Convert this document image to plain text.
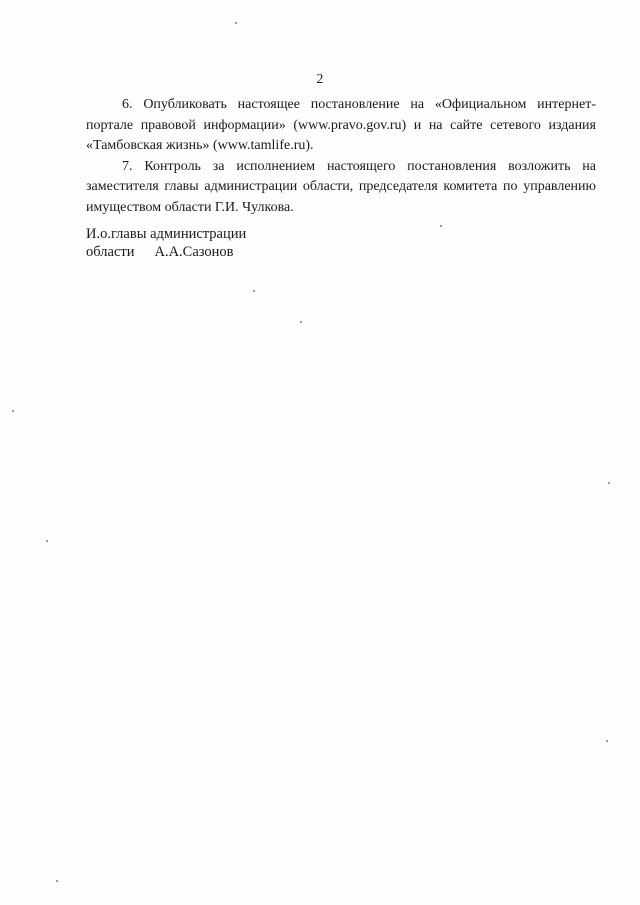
2

6. Опубликовать настоящее постановление на «Официальном интернет-портале правовой информации» (www.pravo.gov.ru) и на сайте сетевого издания «Тамбовская жизнь» (www.tamlife.ru).

7. Контроль за исполнением настоящего постановления возложить на заместителя главы администрации области, председателя комитета по управлению имуществом области Г.И. Чулкова.

И.о.главы администрации
области А.А.Сазонов
